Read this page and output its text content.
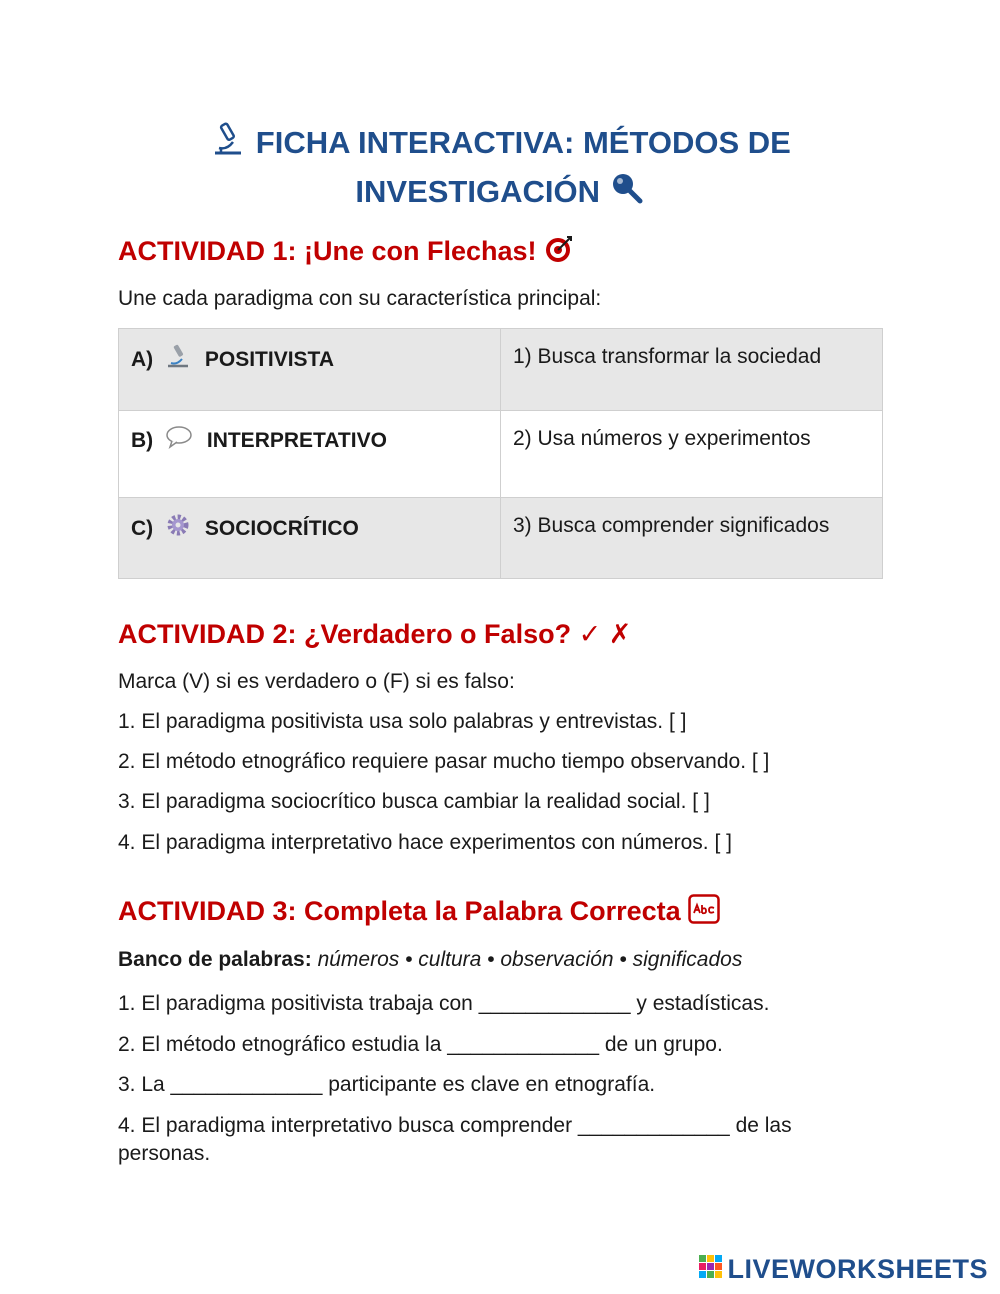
FICHA INTERACTIVA: MÉTODOS DE
INVESTIGACIÓN
ACTIVIDAD 1: ¡Une con Flechas!
Une cada paradigma con su característica principal:
A) POSITIVISTA	1) Busca transformar la sociedad
B) INTERPRETATIVO	2) Usa números y experimentos
C) SOCIOCRÍTICO	3) Busca comprender significados
ACTIVIDAD 2: ¿Verdadero o Falso? ✓ ✗
Marca (V) si es verdadero o (F) si es falso:
1. El paradigma positivista usa solo palabras y entrevistas. [ ]
2. El método etnográfico requiere pasar mucho tiempo observando. [ ]
3. El paradigma sociocrítico busca cambiar la realidad social. [ ]
4. El paradigma interpretativo hace experimentos con números. [ ]
ACTIVIDAD 3: Completa la Palabra Correcta
Banco de palabras: números • cultura • observación • significados
1. El paradigma positivista trabaja con _____________ y estadísticas.
2. El método etnográfico estudia la _____________ de un grupo.
3. La _____________ participante es clave en etnografía.
4. El paradigma interpretativo busca comprender _____________ de las personas.
LIVEWORKSHEETS
